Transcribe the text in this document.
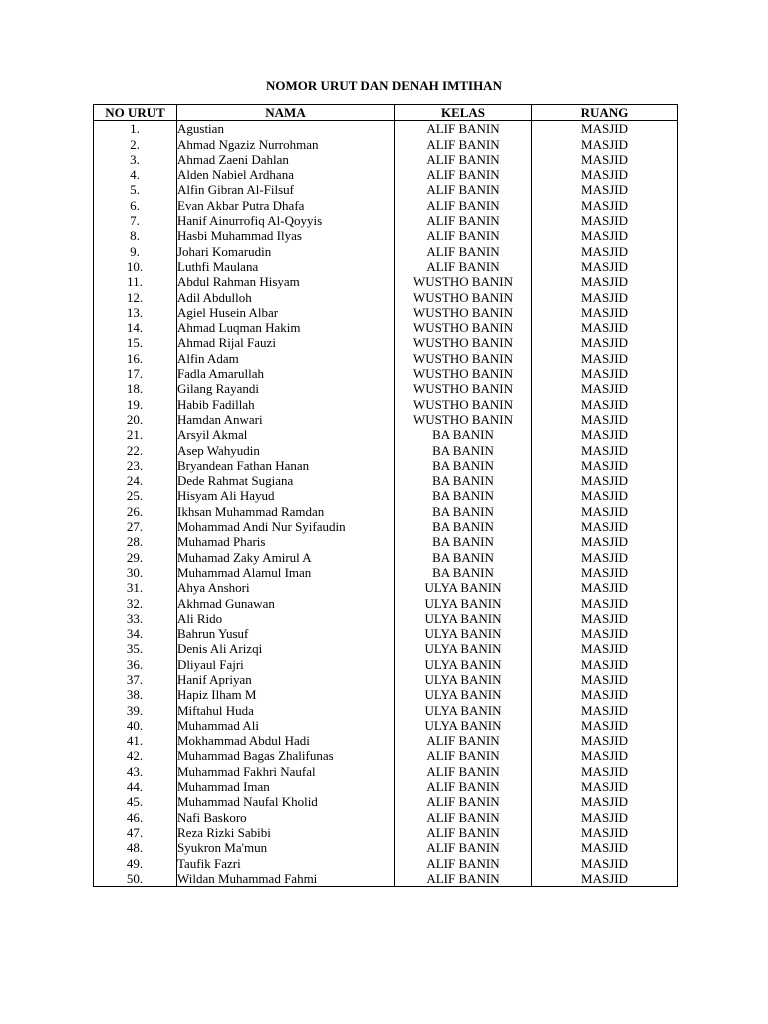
NOMOR URUT DAN DENAH IMTIHAN
NO URUT	NAMA	KELAS	RUANG
1.	Agustian	ALIF BANIN	MASJID
2.	Ahmad Ngaziz Nurrohman	ALIF BANIN	MASJID
3.	Ahmad Zaeni Dahlan	ALIF BANIN	MASJID
4.	Alden Nabiel Ardhana	ALIF BANIN	MASJID
5.	Alfin Gibran Al-Filsuf	ALIF BANIN	MASJID
6.	Evan Akbar Putra Dhafa	ALIF BANIN	MASJID
7.	Hanif Ainurrofiq Al-Qoyyis	ALIF BANIN	MASJID
8.	Hasbi Muhammad Ilyas	ALIF BANIN	MASJID
9.	Johari Komarudin	ALIF BANIN	MASJID
10.	Luthfi Maulana	ALIF BANIN	MASJID
11.	Abdul Rahman Hisyam	WUSTHO BANIN	MASJID
12.	Adil Abdulloh	WUSTHO BANIN	MASJID
13.	Agiel Husein Albar	WUSTHO BANIN	MASJID
14.	Ahmad Luqman Hakim	WUSTHO BANIN	MASJID
15.	Ahmad Rijal Fauzi	WUSTHO BANIN	MASJID
16.	Alfin Adam	WUSTHO BANIN	MASJID
17.	Fadla Amarullah	WUSTHO BANIN	MASJID
18.	Gilang Rayandi	WUSTHO BANIN	MASJID
19.	Habib Fadillah	WUSTHO BANIN	MASJID
20.	Hamdan Anwari	WUSTHO BANIN	MASJID
21.	Arsyil Akmal	BA BANIN	MASJID
22.	Asep Wahyudin	BA BANIN	MASJID
23.	Bryandean Fathan Hanan	BA BANIN	MASJID
24.	Dede Rahmat Sugiana	BA BANIN	MASJID
25.	Hisyam Ali Hayud	BA BANIN	MASJID
26.	Ikhsan Muhammad Ramdan	BA BANIN	MASJID
27.	Mohammad Andi Nur Syifaudin	BA BANIN	MASJID
28.	Muhamad Pharis	BA BANIN	MASJID
29.	Muhamad Zaky Amirul A	BA BANIN	MASJID
30.	Muhammad Alamul Iman	BA BANIN	MASJID
31.	Ahya Anshori	ULYA BANIN	MASJID
32.	Akhmad Gunawan	ULYA BANIN	MASJID
33.	Ali Rido	ULYA BANIN	MASJID
34.	Bahrun Yusuf	ULYA BANIN	MASJID
35.	Denis Ali Arizqi	ULYA BANIN	MASJID
36.	Dliyaul Fajri	ULYA BANIN	MASJID
37.	Hanif Apriyan	ULYA BANIN	MASJID
38.	Hapiz Ilham M	ULYA BANIN	MASJID
39.	Miftahul Huda	ULYA BANIN	MASJID
40.	Muhammad Ali	ULYA BANIN	MASJID
41.	Mokhammad Abdul Hadi	ALIF BANIN	MASJID
42.	Muhammad Bagas Zhalifunas	ALIF BANIN	MASJID
43.	Muhammad Fakhri Naufal	ALIF BANIN	MASJID
44.	Muhammad Iman	ALIF BANIN	MASJID
45.	Muhammad Naufal Kholid	ALIF BANIN	MASJID
46.	Nafi Baskoro	ALIF BANIN	MASJID
47.	Reza Rizki Sabibi	ALIF BANIN	MASJID
48.	Syukron Ma'mun	ALIF BANIN	MASJID
49.	Taufik Fazri	ALIF BANIN	MASJID
50.	Wildan Muhammad Fahmi	ALIF BANIN	MASJID
